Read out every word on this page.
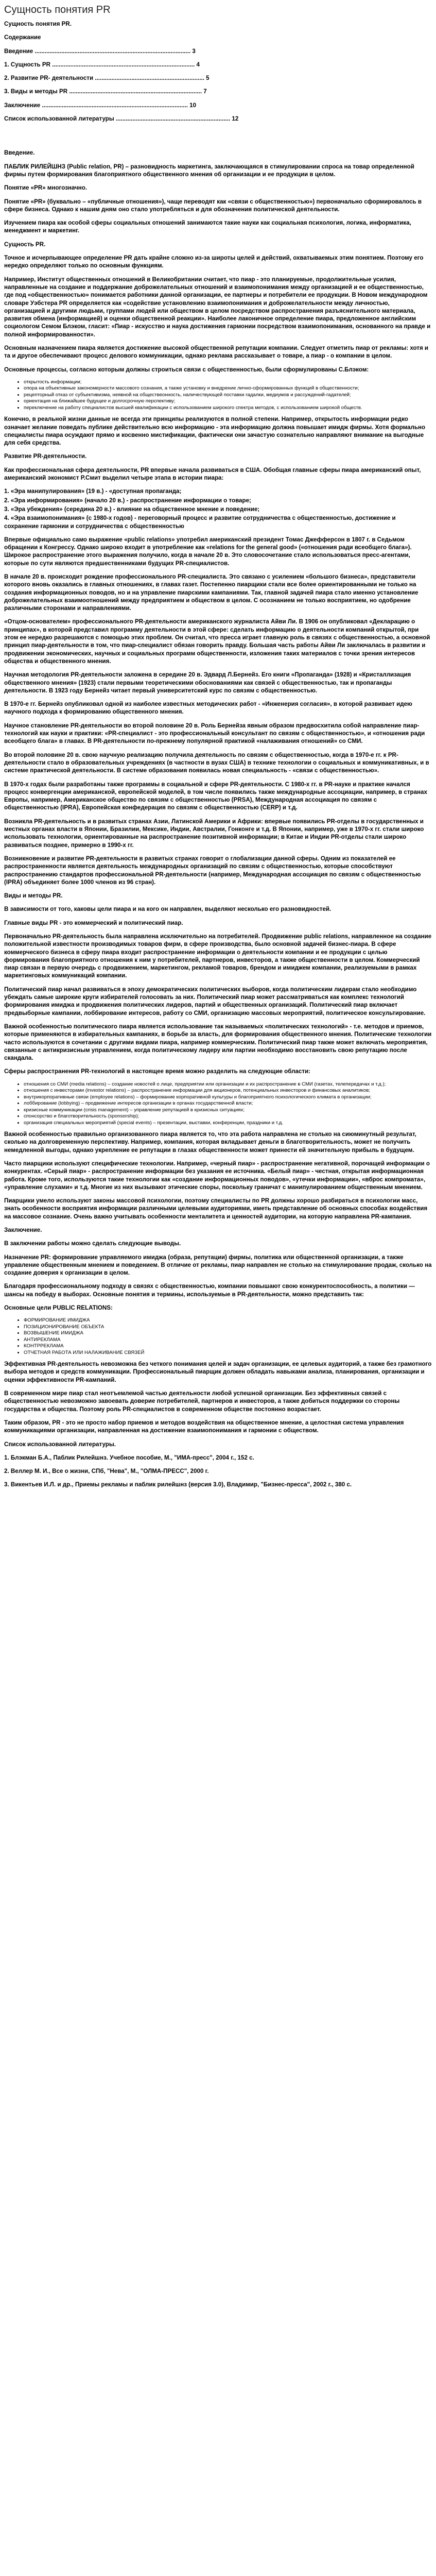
Сущность понятия PR

Сущность понятия PR.

Содержание

Введение .............................................................................................. 3
1. Сущность PR ...................................................................................... 4
2. Развитие PR- деятельности .................................................................. 5
3. Виды и методы PR ................................................................................ 7
Заключение ........................................................................................ 10
Список использованной литературы ..................................................................... 12

Введение.

ПАБЛИК РИЛЕЙШНЗ (Public relation, PR) – разновидность маркетинга, заключающаяся в стимулировании спроса на товар определенной фирмы путем формирования благоприятного общественного мнения об организации и ее продукции в целом.

Понятие «PR» многозначно.

Понятие «PR» (буквально – «публичные отношения»), чаще переводят как «связи с общественностью») первоначально сформировалось в сфере бизнеса. Однако к нашим дням оно стало употребляться и для обозначения политической деятельности.

Изучением пиара как особой сферы социальных отношений занимаются такие науки как социальная психология, логика, информатика, менеджмент и маркетинг.

Сущность PR.

Точное и исчерпывающее определение PR дать крайне сложно из-за широты целей и действий, охватываемых этим понятием. Поэтому его нередко определяют только по основным функциям.

Например, Институт общественных отношений в Великобритании считает, что пиар - это планируемые, продолжительные усилия, направленные на создание и поддержание доброжелательных отношений и взаимопонимания между организацией и ее общественностью, где под «общественностью» понимается работники данной организации, ее партнеры и потребители ее продукции. В Новом международном словаре Уэбстера PR определяется как «содействие установлению взаимопонимания и доброжелательности между личностью, организацией и другими людьми, группами людей или обществом в целом посредством распространения разъяснительного материала, развития обмена (информацией) и оценки общественной реакции». Наиболее лаконичное определение пиара, предложенное английским социологом Семом Блэком, гласит: «Пиар - искусство и наука достижения гармонии посредством взаимопонимания, основанного на правде и полной информированности».

Основным назначением пиара является достижение высокой общественной репутации компании. Следует отметить пиар от рекламы: хотя и та и другое обеспечивают процесс делового коммуникации, однако реклама рассказывает о товаре, а пиар - о компании в целом.

Основные процессы, согласно которым должны строиться связи с общественностью, были сформулированы С.Блэком:

• открытость информации;
• опора на объективные закономерности массового сознания, а также установку и внедрение лично-сформированных функций в общественности;
• рецепторный отказ от субъективизма, неявной на обществеонность, наличествующей поставки гадалки, медиумов и рассуждений-гадателей;
• ориентация на ближайшее будущее и долгосрочную перспективу;
• переключение на работу специалистов высшей квалификации с использованием широкого спектра методов, с использованием широкой обществ.

Конечно, в реальной жизни данные не всегда эти принципы реализуются в полной степени. Например, открытость информации редко означает желание поведать публике действительно всю информацию - эта информацию должна повышает имидж фирмы. Хотя формально специалисты пиара осуждают прямо и косвенно мистификации, фактически они зачастую сознательно направляют внимание на выгодные для себя средства.

Развитие PR-деятельности.

Как профессиональная сфера деятельности, PR впервые начала развиваться в США. Обобщая главные сферы пиара американский опыт, американский экономист Р.Смит выделил четыре этапа в истории пиара:

1. «Эра манипулирования» (19 в.) - «доступная пропаганда;

2. «Эра информирования» (начало 20 в.) - распространение информации о товаре;

3. «Эра убеждения» (середина 20 в.) - влияние на общественное мнение и поведение;

4. «Эра взаимопонимания» (с 1980-х годов) - переговорный процесс и развитие сотрудничества с общественностью, достижение и сохранение гармонии и сотрудничества с общественностью

Впервые официально само выражение «public relations» употребил американский президент Томас Джефферсон в 1807 г. в Седьмом обращении к Конгрессу. Однако широко входит в употребление как «relations for the general good» («отношения ради всеобщего блага»). Широкое распространение этого выражения получило, когда в начале 20 в. Это словосочетание стало использоваться пресс-агентами, которые по сути являются предшественниками будущих PR-специалистов.

В начале 20 в. происходит рождение профессионального PR-специалиста. Это связано с усилением «большого бизнеса», представители которого вновь оказались в главных отношениях, в главах газет. Постепенно пиарщики стали все более ориентированными не только на создания информационных поводов, но и на управление пиарскими кампаниями. Так, главной задачей пиара стало именно установление доброжелательных взаимоотношений между предприятием и обществом в целом. С осознанием не только восприятием, но одобрение различными сторонами и направлениями.

«Отцом-основателем» профессионального PR-деятельности американского журналиста Айви Ли. В 1906 он опубликовал «Декларацию о принципах», в которой представил программу деятельности в этой сфере: сделать информацию о деятельности компаний открытой, при этом ее нередко разрешаются с помощью этих проблем. Он считал, что пресса играет главную роль в связях с общественностью, а основной принцип пиар-деятельности в том, что пиар-специалист обязан говорить правду. Большая часть работы Айви Ли заключалась в развитии и продвижении экономических, научных и социальных программ общественности, изложения таких материалов с точки зрения интересов общества и общественного мнения.

Научная методология PR-деятельности заложена в середине 20 в. Эдвард Л.Бернейз. Его книги «Пропаганда» (1928) и «Кристаллизация общественного мнения» (1923) стали первыми теоретическими обоснованиями как связей с общественностью, так и пропаганды деятельности. В 1923 году Бернейз читает первый университетский курс по связям с общественностью.

В 1970-е гг. Бернейз опубликовал одной из наиболее известных методических работ - «Инженерия согласия», в которой развивает идею научного подхода к формированию общественного мнения.

Научное становление PR-деятельности во второй половине 20 в. Роль Бернейза явным образом предвосхитила собой направление пиар-технологий как науки и практики: «PR-специалист - это профессиональный консультант по связям с общественностью», и «отношения ради всеобщего блага» в главах. В PR-деятельности по-прежнему популярной практикой «налаживания отношений» со СМИ.

Во второй половине 20 в. свою научную реализацию получила деятельность по связям с общественностью, когда в 1970-е гг. к PR-деятельности стало в образовательных учреждениях (в частности в вузах США) в технике технологии о социальных и коммуникативных, и в системе практической деятельности. В системе образования появилась новая специальность - «связи с общественностью».

В 1970-х годах были разработаны также программы в социальной и сфере PR-деятельности. С 1980-х гг. в PR-науке и практике начался процесс конвергенции американской, европейской моделей, в том числе появились также международные ассоциации, например, в странах Европы, например, Американское общество по связям с общественностью (PRSA), Международная ассоциация по связям с общественностью (IPRA), Европейская конфедерация по связям с общественностью (CERP) и т.д.

Возникла PR-деятельность и в развитых странах Азии, Латинской Америки и Африки: впервые появились PR-отделы в государственных и местных органах власти в Японии, Бразилии, Мексике, Индии, Австралии, Гонконге и т.д. В Японии, например, уже в 1970-х гг. стали широко использовать технологии, ориентированные на распространение позитивной информации; в Китае и Индии PR-отделы стали широко развиваться позднее, примерно в 1990-х гг.

Возникновение и развитие PR-деятельности в развитых странах говорит о глобализации данной сферы. Одним из показателей ее распространенности является деятельность международных организаций по связям с общественностью, которые способствуют распространению стандартов профессиональной PR-деятельности (например, Международная ассоциация по связям с общественностью (IPRA) объединяет более 1000 членов из 96 стран).

Виды и методы PR.

В зависимости от того, каковы цели пиара и на кого он направлен, выделяют несколько его разновидностей.

Главные виды PR - это коммерческий и политический пиар.

Первоначально PR-деятельность была направлена исключительно на потребителей. Продвижение public relations, направленное на создание положительной известности производимых товаров фирм, в сфере производства, было основной задачей бизнес-пиара. В сфере коммерческого бизнеса в сферу пиара входит распространение информации о деятельности компании и ее продукции с целью формирования благоприятного отношения к ним у потребителей, партнеров, инвесторов, а также общественности в целом. Коммерческий пиар связан в первую очередь с продвижением, маркетингом, рекламой товаров, брендом и имиджем компании, реализуемыми в рамках маркетинговых коммуникаций компании.

Политический пиар начал развиваться в эпоху демократических политических выборов, когда политическим лидерам стало необходимо убеждать самые широкие круги избирателей голосовать за них. Политический пиар может рассматриваться как комплекс технологий формирования имиджа и продвижения политических лидеров, партий и общественных организаций. Политический пиар включает предвыборные кампании, лоббирование интересов, работу со СМИ, организацию массовых мероприятий, политическое консультирование.

Важной особенностью политического пиара является использование так называемых «политических технологий» - т.е. методов и приемов, которые применяются в избирательных кампаниях, в борьбе за власть, для формирования общественного мнения. Политические технологии часто используются в сочетании с другими видами пиара, например коммерческим. Политический пиар также может включать мероприятия, связанные с антикризисным управлением, когда политическому лидеру или партии необходимо восстановить свою репутацию после скандала.

Сферы распространения PR-технологий в настоящее время можно разделить на следующие области:

• отношения со СМИ (media relations) – создание новостей о лице, предприятии или организации и их распространение в СМИ (газетах, телепередачах и т.д.);
• отношения с инвесторами (investor relations) – распространение информации для акционеров, потенциальных инвесторов и финансовых аналитиков;
• внутрикорпоративные связи (employee relations) – формирование корпоративной культуры и благоприятного психологического климата в организации;
• лоббирование (lobbying) – продвижение интересов организации в органах государственной власти;
• кризисные коммуникации (crisis management) – управление репутацией в кризисных ситуациях;
• спонсорство и благотворительность (sponsorship);
• организация специальных мероприятий (special events) – презентации, выставки, конференции, праздники и т.д.

Важной особенностью правильно организованного пиара является то, что эта работа направлена не столько на сиюминутный результат, сколько на долговременную перспективу. Например, компания, которая вкладывает деньги в благотворительность, может не получить немедленной выгоды, однако укрепление ее репутации в глазах общественности может принести ей значительную прибыль в будущем.

Часто пиарщики используют специфические технологии. Например, «черный пиар» - распространение негативной, порочащей информации о конкурентах. «Серый пиар» - распространение информации без указания ее источника. «Белый пиар» - честная, открытая информационная работа. Кроме того, используются такие технологии как «создание информационных поводов», «утечки информации», «вброс компромата», «управление слухами» и т.д. Многие из них вызывают этические споры, поскольку граничат с манипулированием общественным мнением.

Пиарщики умело используют законы массовой психологии, поэтому специалисты по PR должны хорошо разбираться в психологии масс, знать особенности восприятия информации различными целевыми аудиториями, иметь представление об основных способах воздействия на массовое сознание. Очень важно учитывать особенности менталитета и ценностей аудитории, на которую направлена PR-кампания.

Заключение.

В заключении работы можно сделать следующие выводы.

Назначение PR: формирование управляемого имиджа (образа, репутации) фирмы, политика или общественной организации, а также управление общественным мнением и поведением. В отличие от рекламы, пиар направлен не столько на стимулирование продаж, сколько на создание доверия к организации в целом.

Благодаря профессиональному подходу в связях с общественностью, компании повышают свою конкурентоспособность, а политики — шансы на победу в выборах. Основные понятия и термины, используемые в PR-деятельности, можно представить так:

Основные цели PUBLIC RELATIONS:

• ФОРМИРОВАНИЕ ИМИДЖА
• ПОЗИЦИОНИРОВАНИЕ ОБЪЕКТА
• ВОЗВЫШЕНИЕ ИМИДЖА
• АНТИРЕКЛАМА
• КОНТРРЕКЛАМА
• ОТЧЕТНАЯ РАБОТА ИЛИ НАЛАЖИВАНИЕ СВЯЗЕЙ

Эффективная PR-деятельность невозможна без четкого понимания целей и задач организации, ее целевых аудиторий, а также без грамотного выбора методов и средств коммуникации. Профессиональный пиарщик должен обладать навыками анализа, планирования, организации и оценки эффективности PR-кампаний.

В современном мире пиар стал неотъемлемой частью деятельности любой успешной организации. Без эффективных связей с общественностью невозможно завоевать доверие потребителей, партнеров и инвесторов, а также добиться поддержки со стороны государства и общества. Поэтому роль PR-специалистов в современном обществе постоянно возрастает.

Таким образом, PR - это не просто набор приемов и методов воздействия на общественное мнение, а целостная система управления коммуникациями организации, направленная на достижение взаимопонимания и гармонии с обществом.

Список использованной литературы.

1. Блэкман Б.А., Паблик Рилейшнз. Учебное пособие, М., "ИМА-пресс", 2004 г., 152 с.

2. Веллер М. И., Все о жизни, СПб, "Нева", М., "ОЛМА-ПРЕСС", 2000 г.

3. Викентьев И.Л. и др., Приемы рекламы и паблик рилейшнз (версия 3.0), Владимир, "Бизнес-пресса", 2002 г., 380 с.
